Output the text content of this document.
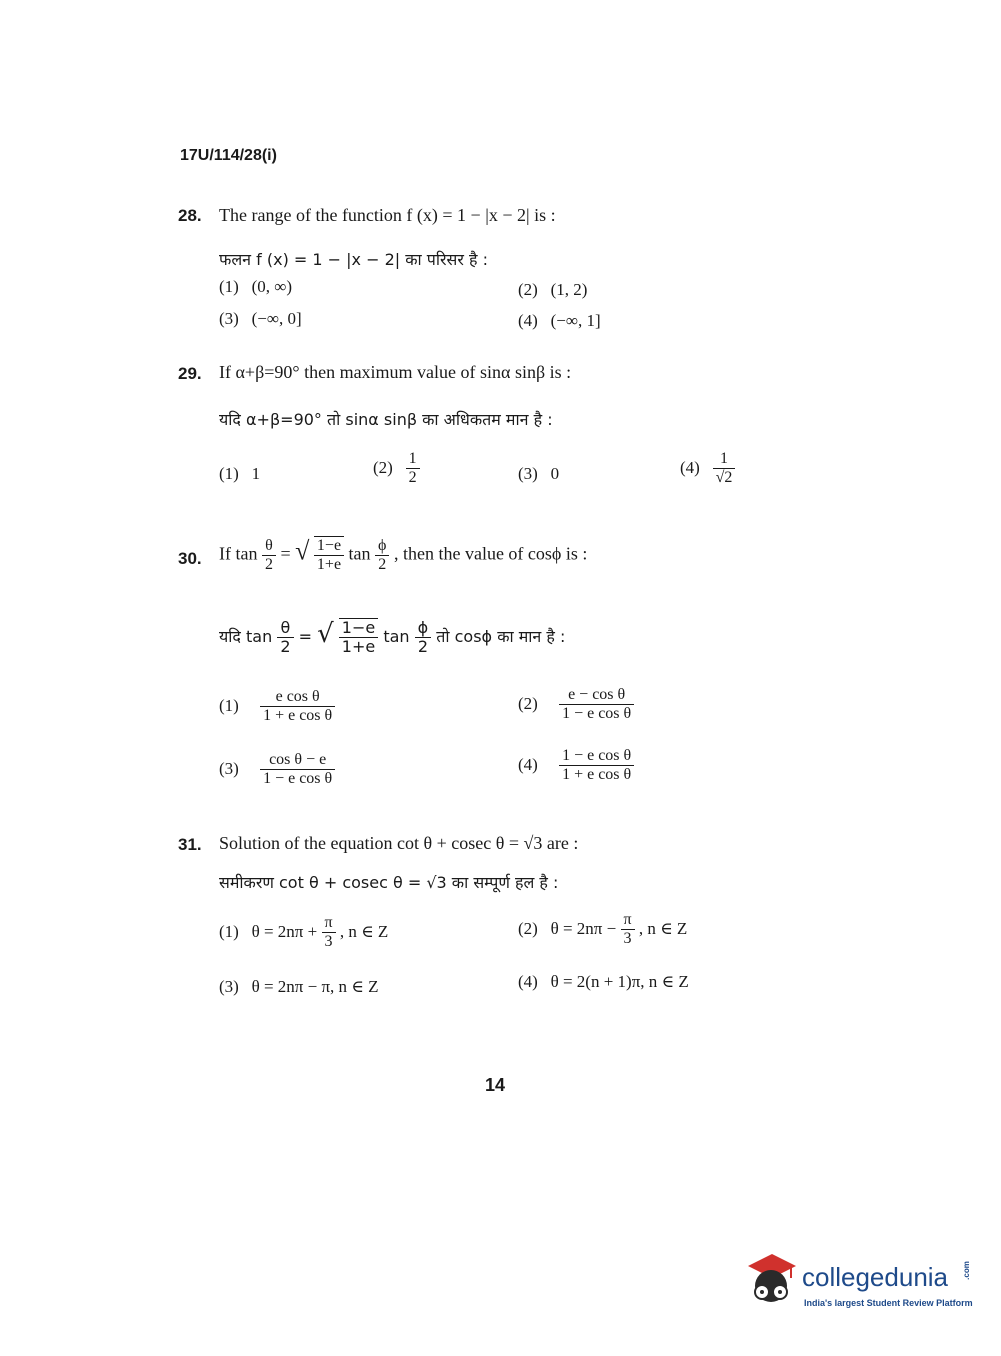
17U/114/28(i)
28. The range of the function f (x) = 1 − |x − 2| is :
फलन f (x) = 1 − |x − 2| का परिसर है :
(1) (0, ∞)	(2) (1, 2)
(3) (−∞, 0]	(4) (−∞, 1]
29. If α+β=90° then maximum value of sinα sinβ is :
यदि α+β=90° तो sinα sinβ का अधिकतम मान है :
(1) 1	$(2) \frac{1}{2}$	(3) 0	$(4) \frac{1}{√2}$
30. If $\tan \frac{\theta}{2}$ = √ $\frac{1-e}{1+e}$ $\tan \frac{\phi}{2}$ , then the value of cosϕ is :
यदि $\tan \frac{\theta}{2}$ = √ $\frac{1-e}{1+e}$ $\tan \frac{\phi}{2}$ तो cosϕ का मान है :
$(1) \frac{\text{e cos θ}}{\text{1 + e cos θ}}$	$(2) \frac{\text{e − cos θ}}{\text{1 − e cos θ}}$
$(3) \frac{\text{cos θ − e}}{\text{1 − e cos θ}}$	$(4) \frac{\text{1 − e cos θ}}{\text{1 + e cos θ}}$
31. Solution of the equation cot θ + cosec θ = √3 are :
समीकरण cot θ + cosec θ = √3 का सम्पूर्ण हल है :
(1) $\theta = 2n\pi + \frac{\pi}{3}$ , n ∈ Z	(2) $\theta = 2n\pi - \frac{\pi}{3}$ , n ∈ Z
(3) θ = 2nπ − π, n ∈ Z	(4) θ = 2(n + 1)π, n ∈ Z
14
collegedunia .com
India's largest Student Review Platform
